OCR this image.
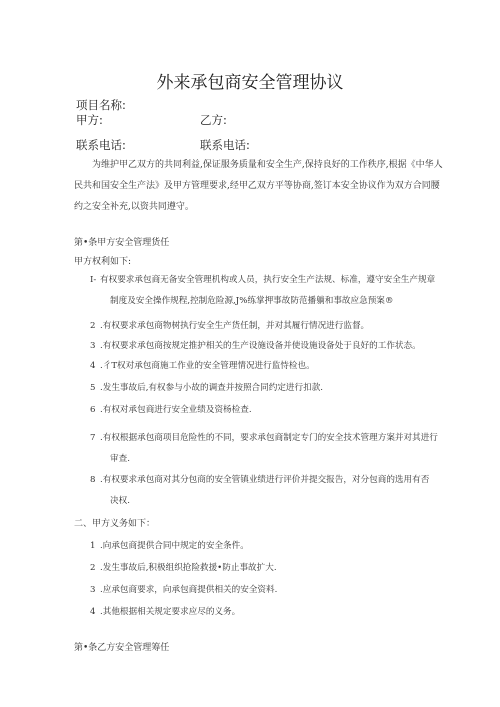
外来承包商安全管理协议
项目名称:
甲方:	乙方:
联系电话:	联系电话:
为维护甲乙双方的共同利益,保证服务质量和安全生产,保持良好的工作秩序,根据《中华人民共和国安全生产法》及甲方管理要求,经甲乙双方平等协商,签订本安全协议作为双方合同腰约之安全补充,以资共同遵守。
第•条甲方安全管理货任
甲方权利如下:
I- 有权要求承包商无备安全管理机构或人员，执行安全生产法规、标准，遵守安全生产规章
制度及安全操作规程,控制危险源,J%练掌押事故防范播躺和事故应急预案®
2 .有权要求承包商物树执行安全生产货任制，并对其履行情况进行监督。
3 .有权要求承包商按规定推护相关的生产设施设备并使设施设备处于良好的工作状态。
4 .彳T权对承包商施工作业的安全管理情况进行监恃检也。
5 .发生事故后,有权参与小故的调查并按照合同约定进行扣款.
6 .有权对承包商进行安全业绩及资杨检查.
7 .有权根据承包商项目危险性的不同，要求承包商制定专门的安全技术管理方案并对其进行
审查.
8 .有权要求承包商对其分包商的安全管镇业绩进行评价并提交报告，对分包商的选用有否
决权.
二、甲方义务如下：
1 .向承包商提供合同中规定的安全条件。
2 .发生事故后,积极组织抢险救援•防止事故扩大.
3 .应承包商要求，向承包商提供相关的安全资料.
4 .其他根据相关规定要求应尽的义务。
第•条乙方安全管理筹任
